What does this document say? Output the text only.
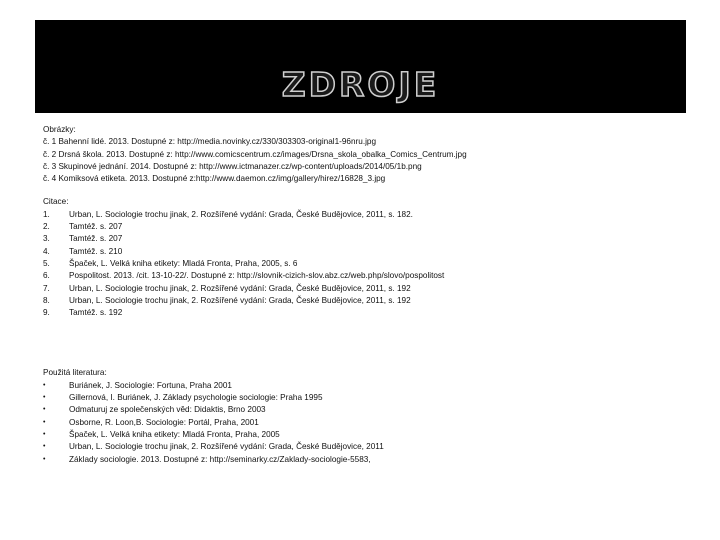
ZDROJE
Obrázky:
č. 1 Bahenní lidé. 2013. Dostupné z: http://media.novinky.cz/330/303303-original1-96nru.jpg
č. 2 Drsná škola. 2013. Dostupné z: http://www.comicscentrum.cz/images/Drsna_skola_obalka_Comics_Centrum.jpg
č. 3 Skupinové jednání. 2014. Dostupné z: http://www.ictmanazer.cz/wp-content/uploads/2014/05/1b.png
č. 4 Komiksová etiketa. 2013. Dostupné z:http://www.daemon.cz/img/gallery/hirez/16828_3.jpg
Citace:
1.	Urban, L. Sociologie trochu jinak, 2. Rozšířené vydání: Grada, České Budějovice, 2011, s. 182.
2.	Tamtéž. s. 207
3.	Tamtéž. s. 207
4.	Tamtéž. s. 210
5.	Špaček, L. Velká kniha etikety: Mladá Fronta, Praha, 2005, s. 6
6.	Pospolitost. 2013. /cit. 13-10-22/. Dostupné z: http://slovnik-cizich-slov.abz.cz/web.php/slovo/pospolitost
7.	Urban, L. Sociologie trochu jinak, 2. Rozšířené vydání: Grada, České Budějovice, 2011, s. 192
8.	Urban, L. Sociologie trochu jinak, 2. Rozšířené vydání: Grada, České Budějovice, 2011, s. 192
9.	Tamtéž. s. 192
Použitá literatura:
•	Buriánek, J. Sociologie: Fortuna, Praha 2001
•	Gillernová, I. Buriánek, J. Základy psychologie sociologie: Praha 1995
•	Odmaturuj ze společenských věd: Didaktis, Brno 2003
•	Osborne, R. Loon,B. Sociologie: Portál, Praha, 2001
•	Špaček, L. Velká kniha etikety: Mladá Fronta, Praha, 2005
•	Urban, L. Sociologie trochu jinak, 2. Rozšířené vydání: Grada, České Budějovice, 2011
•	Základy sociologie. 2013. Dostupné z: http://seminarky.cz/Zaklady-sociologie-5583,
